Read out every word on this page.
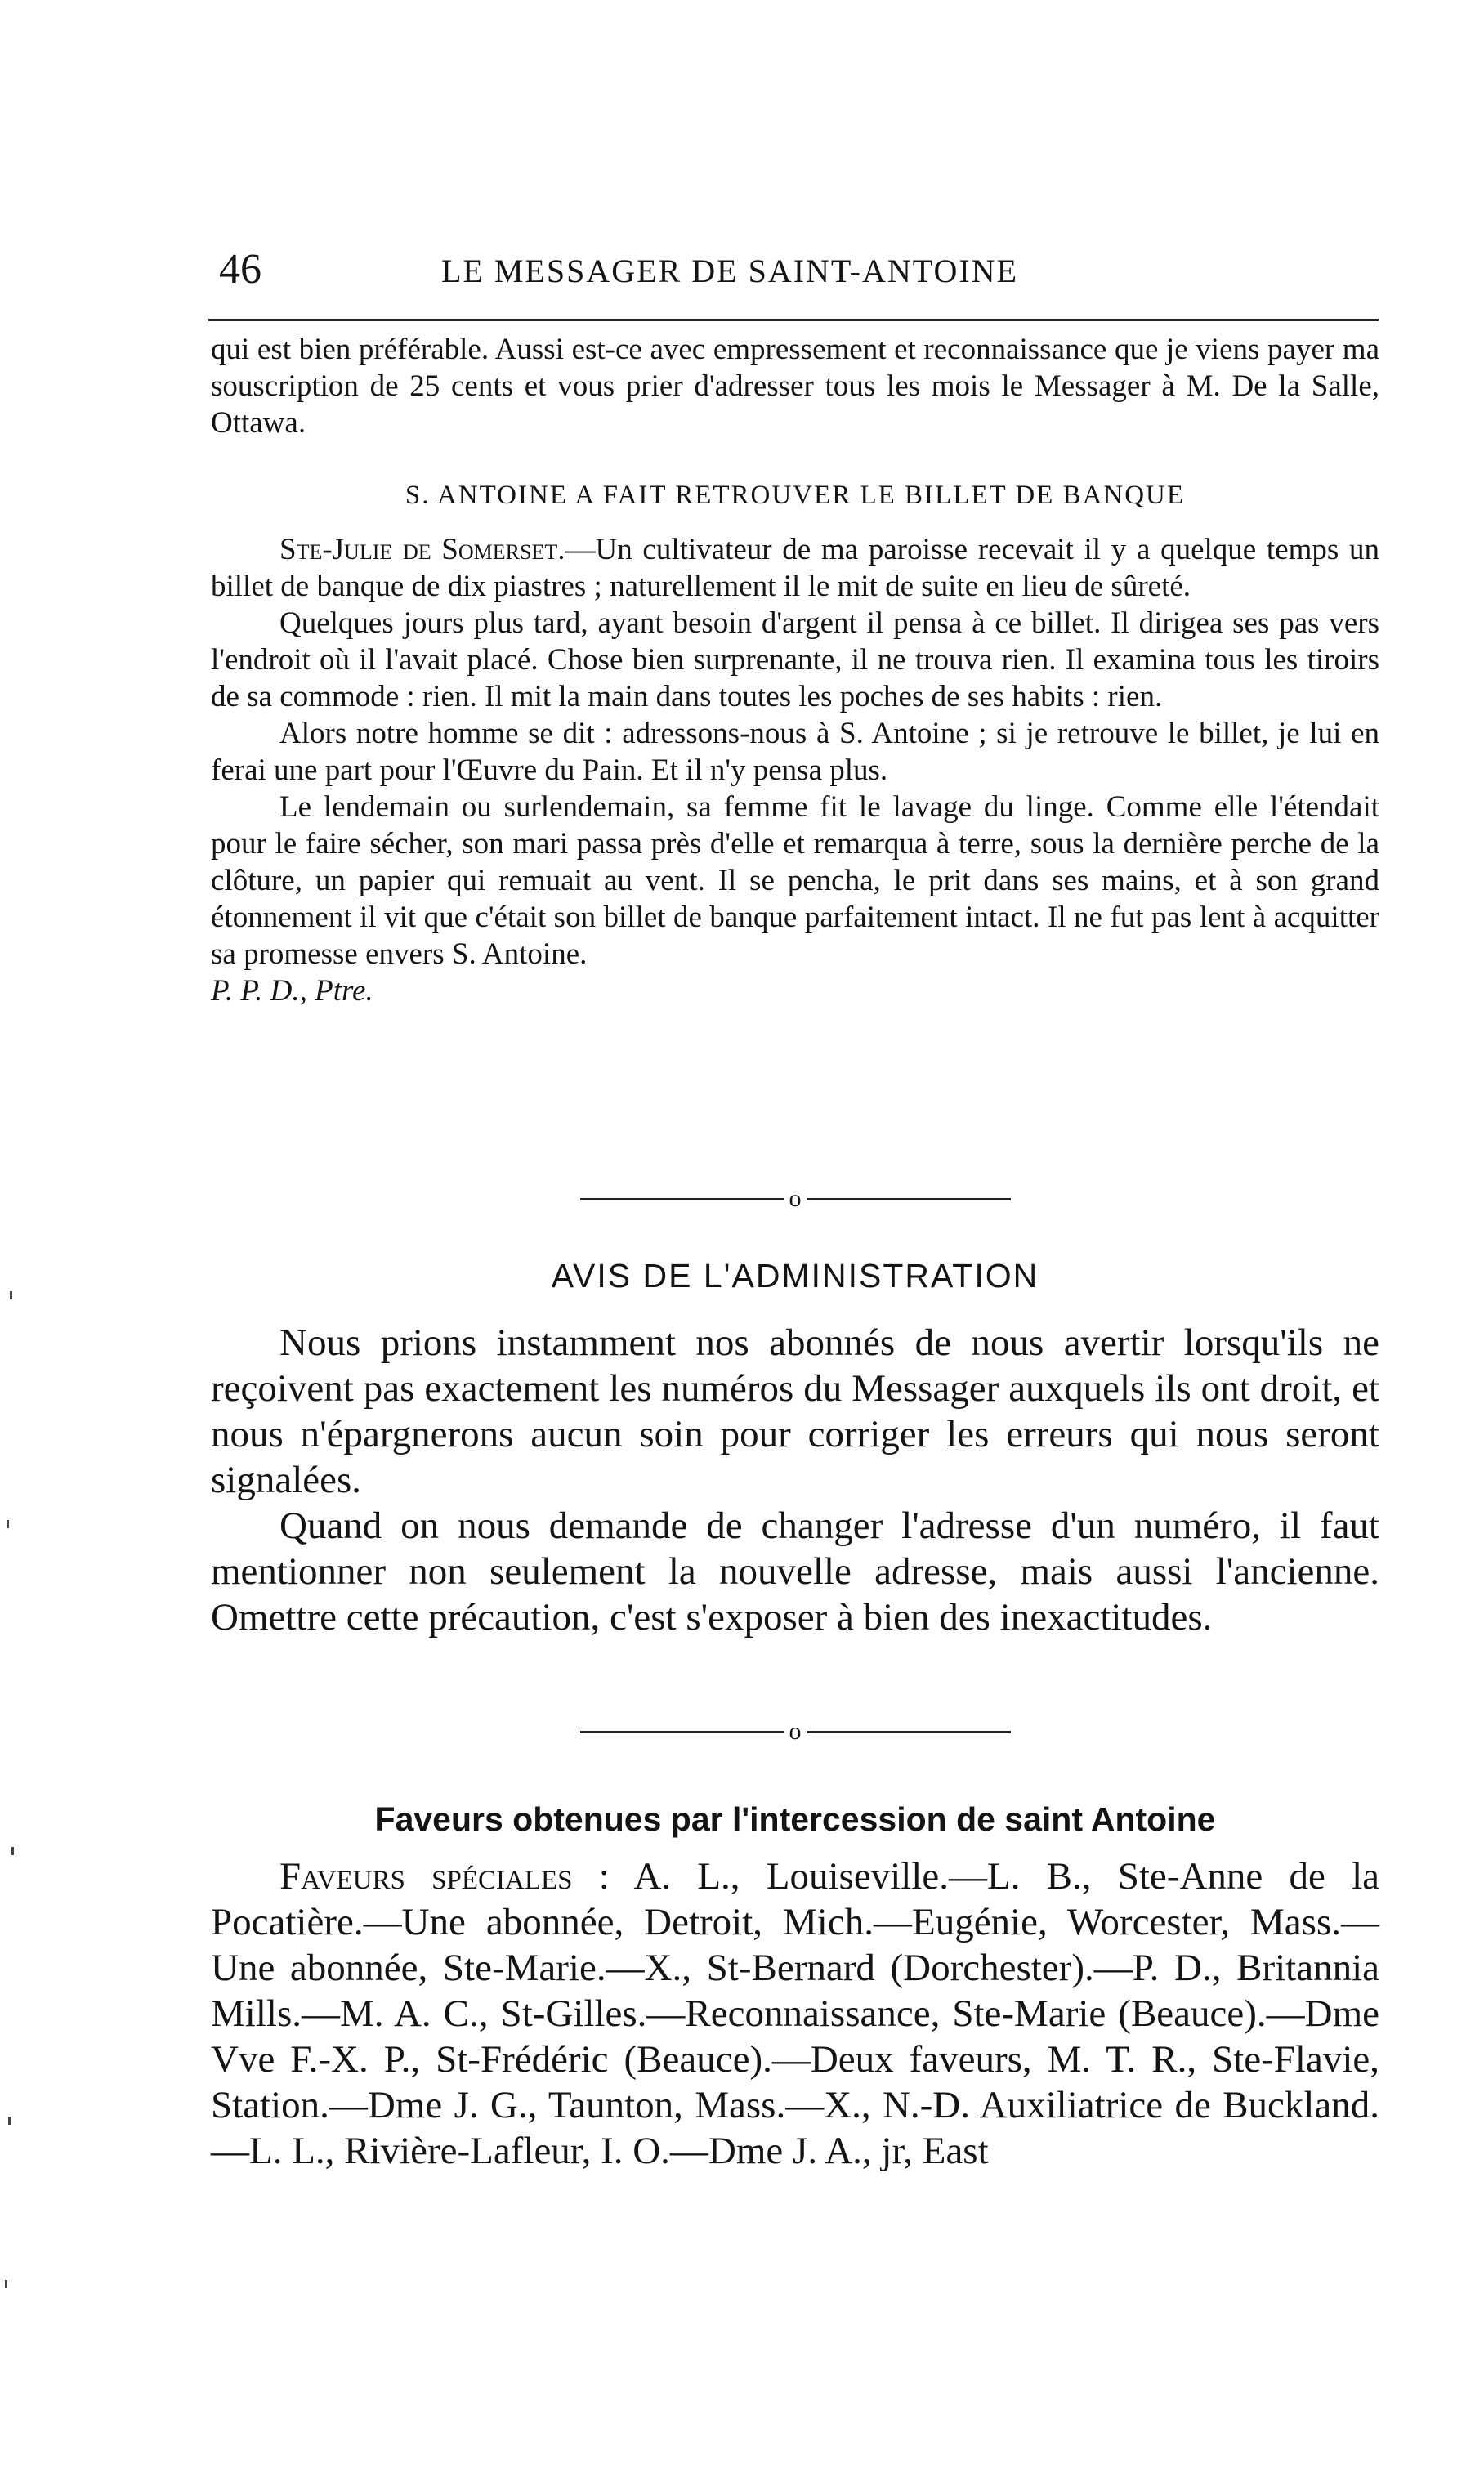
46	LE MESSAGER DE SAINT-ANTOINE

qui est bien préférable. Aussi est-ce avec empressement et reconnaissance que je viens payer ma souscription de 25 cents et vous prier d'adresser tous les mois le Messager à M. De la Salle, Ottawa.

S. ANTOINE A FAIT RETROUVER LE BILLET DE BANQUE

Ste-Julie de Somerset.—Un cultivateur de ma paroisse recevait il y a quelque temps un billet de banque de dix piastres ; naturellement il le mit de suite en lieu de sûreté.

Quelques jours plus tard, ayant besoin d'argent il pensa à ce billet. Il dirigea ses pas vers l'endroit où il l'avait placé. Chose bien surprenante, il ne trouva rien. Il examina tous les tiroirs de sa commode : rien. Il mit la main dans toutes les poches de ses habits : rien.

Alors notre homme se dit : adressons-nous à S. Antoine ; si je retrouve le billet, je lui en ferai une part pour l'Œuvre du Pain. Et il n'y pensa plus.

Le lendemain ou surlendemain, sa femme fit le lavage du linge. Comme elle l'étendait pour le faire sécher, son mari passa près d'elle et remarqua à terre, sous la dernière perche de la clôture, un papier qui remuait au vent. Il se pencha, le prit dans ses mains, et à son grand étonnement il vit que c'était son billet de banque parfaitement intact. Il ne fut pas lent à acquitter sa promesse envers S. Antoine.

P. P. D., Ptre.

o

AVIS DE L'ADMINISTRATION

Nous prions instamment nos abonnés de nous avertir lorsqu'ils ne reçoivent pas exactement les numéros du Messager auxquels ils ont droit, et nous n'épargnerons aucun soin pour corriger les erreurs qui nous seront signalées.

Quand on nous demande de changer l'adresse d'un numéro, il faut mentionner non seulement la nouvelle adresse, mais aussi l'ancienne. Omettre cette précaution, c'est s'exposer à bien des inexactitudes.

o

Faveurs obtenues par l'intercession de saint Antoine

Faveurs spéciales : A. L., Louiseville.—L. B., Ste-Anne de la Pocatière.—Une abonnée, Detroit, Mich.—Eugénie, Worcester, Mass.—Une abonnée, Ste-Marie.—X., St-Bernard (Dorchester).—P. D., Britannia Mills.—M. A. C., St-Gilles.—Reconnaissance, Ste-Marie (Beauce).—Dme Vve F.-X. P., St-Frédéric (Beauce).—Deux faveurs, M. T. R., Ste-Flavie, Station.—Dme J. G., Taunton, Mass.—X., N.-D. Auxiliatrice de Buckland.—L. L., Rivière-Lafleur, I. O.—Dme J. A., jr, East
